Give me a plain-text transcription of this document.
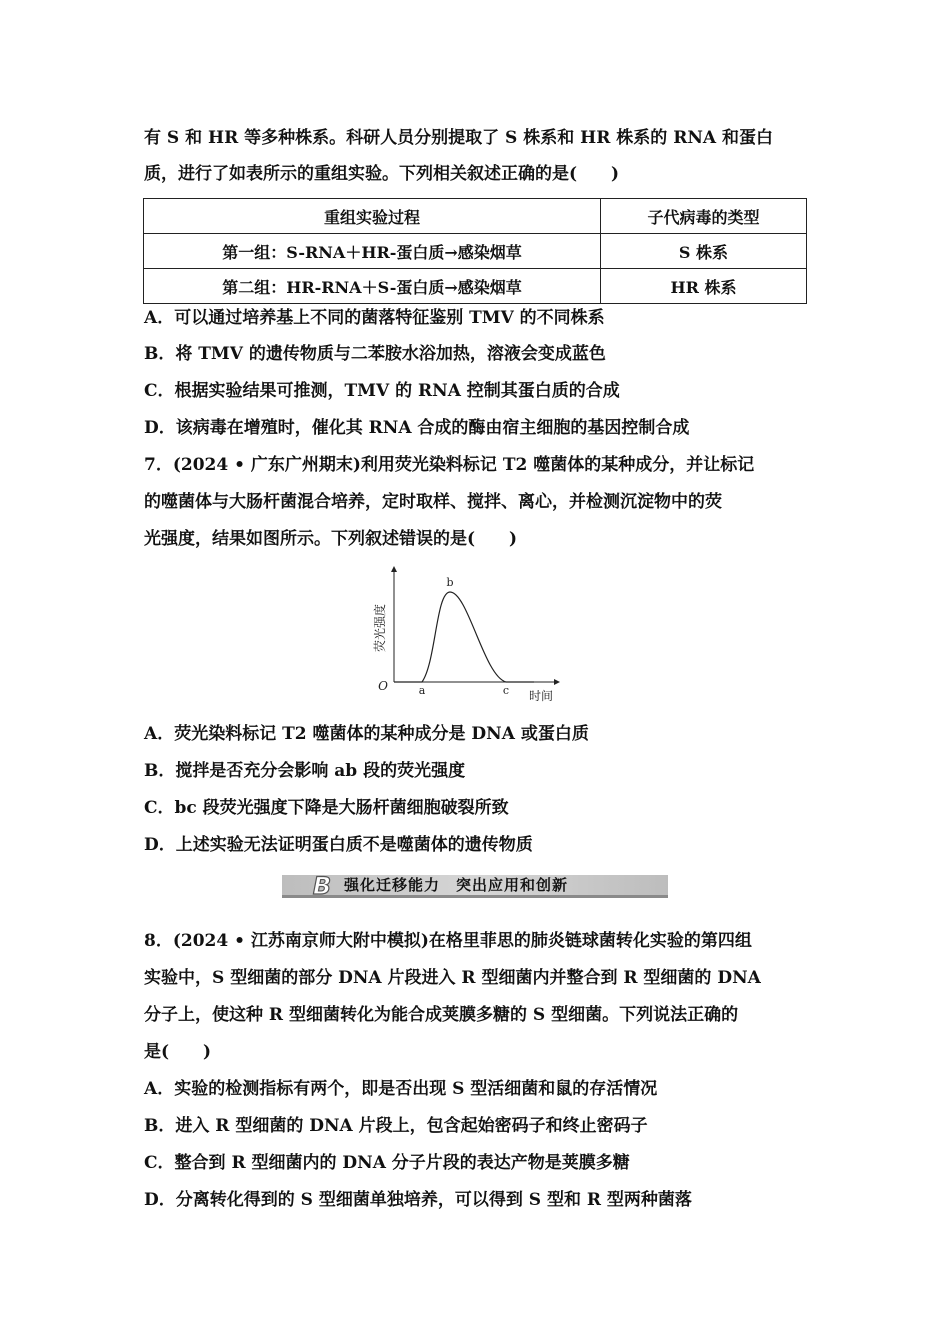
有 S 和 HR 等多种株系。科研人员分别提取了 S 株系和 HR 株系的 RNA 和蛋白
质，进行了如表所示的重组实验。下列相关叙述正确的是(　　)
重组实验过程	子代病毒的类型
第一组：S-RNA＋HR-蛋白质→感染烟草	S 株系
第二组：HR-RNA＋S-蛋白质→感染烟草	HR 株系
A．可以通过培养基上不同的菌落特征鉴别 TMV 的不同株系
B．将 TMV 的遗传物质与二苯胺水浴加热，溶液会变成蓝色
C．根据实验结果可推测，TMV 的 RNA 控制其蛋白质的合成
D．该病毒在增殖时，催化其 RNA 合成的酶由宿主细胞的基因控制合成
7．(2024 • 广东广州期末)利用荧光染料标记 T2 噬菌体的某种成分，并让标记
的噬菌体与大肠杆菌混合培养，定时取样、搅拌、离心，并检测沉淀物中的荧
光强度，结果如图所示。下列叙述错误的是(　　)
荧光强度
时间
O	a
b
c
A．荧光染料标记 T2 噬菌体的某种成分是 DNA 或蛋白质
B．搅拌是否充分会影响 ab 段的荧光强度
C．bc 段荧光强度下降是大肠杆菌细胞破裂所致
D．上述实验无法证明蛋白质不是噬菌体的遗传物质
B 强化迁移能力　突出应用和创新
8．(2024 • 江苏南京师大附中模拟)在格里菲思的肺炎链球菌转化实验的第四组
实验中，S 型细菌的部分 DNA 片段进入 R 型细菌内并整合到 R 型细菌的 DNA
分子上，使这种 R 型细菌转化为能合成荚膜多糖的 S 型细菌。下列说法正确的
是(　　)
A．实验的检测指标有两个，即是否出现 S 型活细菌和鼠的存活情况
B．进入 R 型细菌的 DNA 片段上，包含起始密码子和终止密码子
C．整合到 R 型细菌内的 DNA 分子片段的表达产物是荚膜多糖
D．分离转化得到的 S 型细菌单独培养，可以得到 S 型和 R 型两种菌落
